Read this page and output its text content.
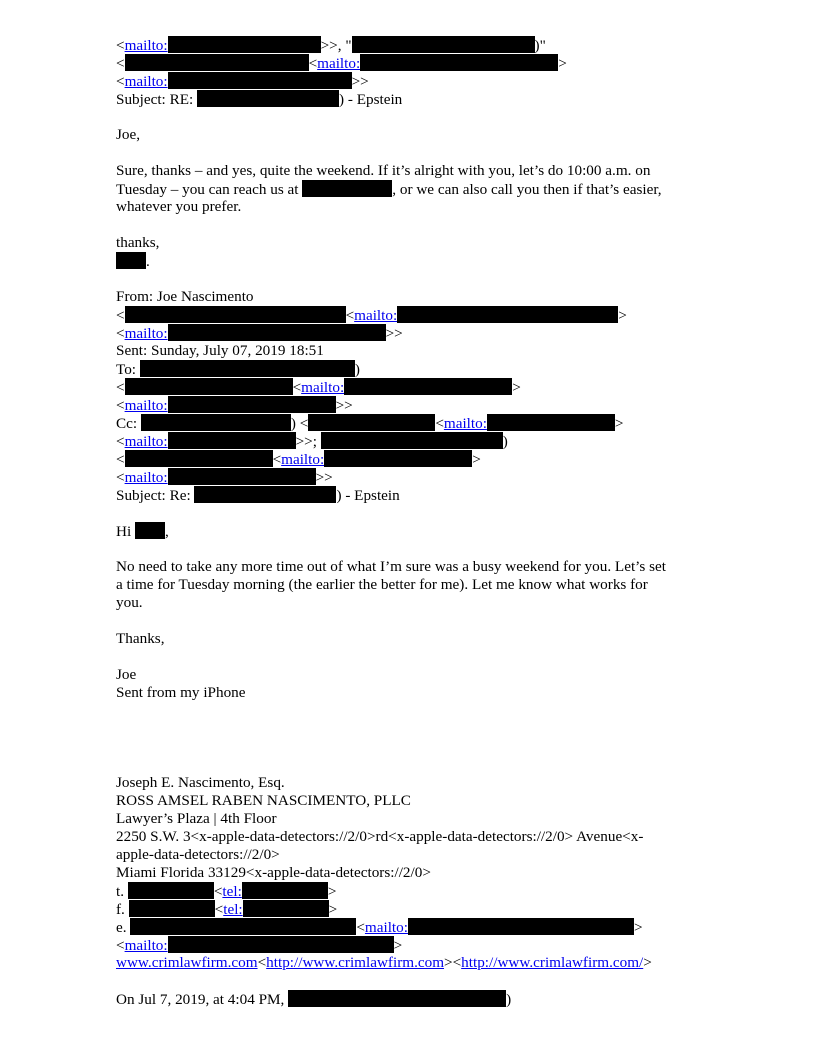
<mailto:	>>, "	)"
<	<mailto:	>
<mailto:	>>
Subject: RE:	) - Epstein
Joe,
Sure, thanks – and yes, quite the weekend. If it’s alright with you, let’s do 10:00 a.m. on
Tuesday – you can reach us at	, or we can also call you then if that’s easier,
whatever you prefer.
thanks,
.
From: Joe Nascimento
<	<mailto:	>
<mailto:	>>
Sent: Sunday, July 07, 2019 18:51
To:	)
<	<mailto:	>
<mailto:	>>
Cc:	) <	<mailto:	>
<mailto:	>>;	)
<	<mailto:	>
<mailto:	>>
Subject: Re:	) - Epstein
Hi ,
No need to take any more time out of what I’m sure was a busy weekend for you. Let’s set
a time for Tuesday morning (the earlier the better for me). Let me know what works for
you.
Thanks,
Joe
Sent from my iPhone
Joseph E. Nascimento, Esq.
ROSS AMSEL RABEN NASCIMENTO, PLLC
Lawyer’s Plaza | 4th Floor
2250 S.W. 3<x-apple-data-detectors://2/0>rd<x-apple-data-detectors://2/0> Avenue<x-
apple-data-detectors://2/0>
Miami Florida 33129<x-apple-data-detectors://2/0>
t.	<tel:	>
f.	<tel:	>
e.	<mailto:	>
<mailto:	>
www.crimlawfirm.com<http://www.crimlawfirm.com><http://www.crimlawfirm.com/>
On Jul 7, 2019, at 4:04 PM,	)
